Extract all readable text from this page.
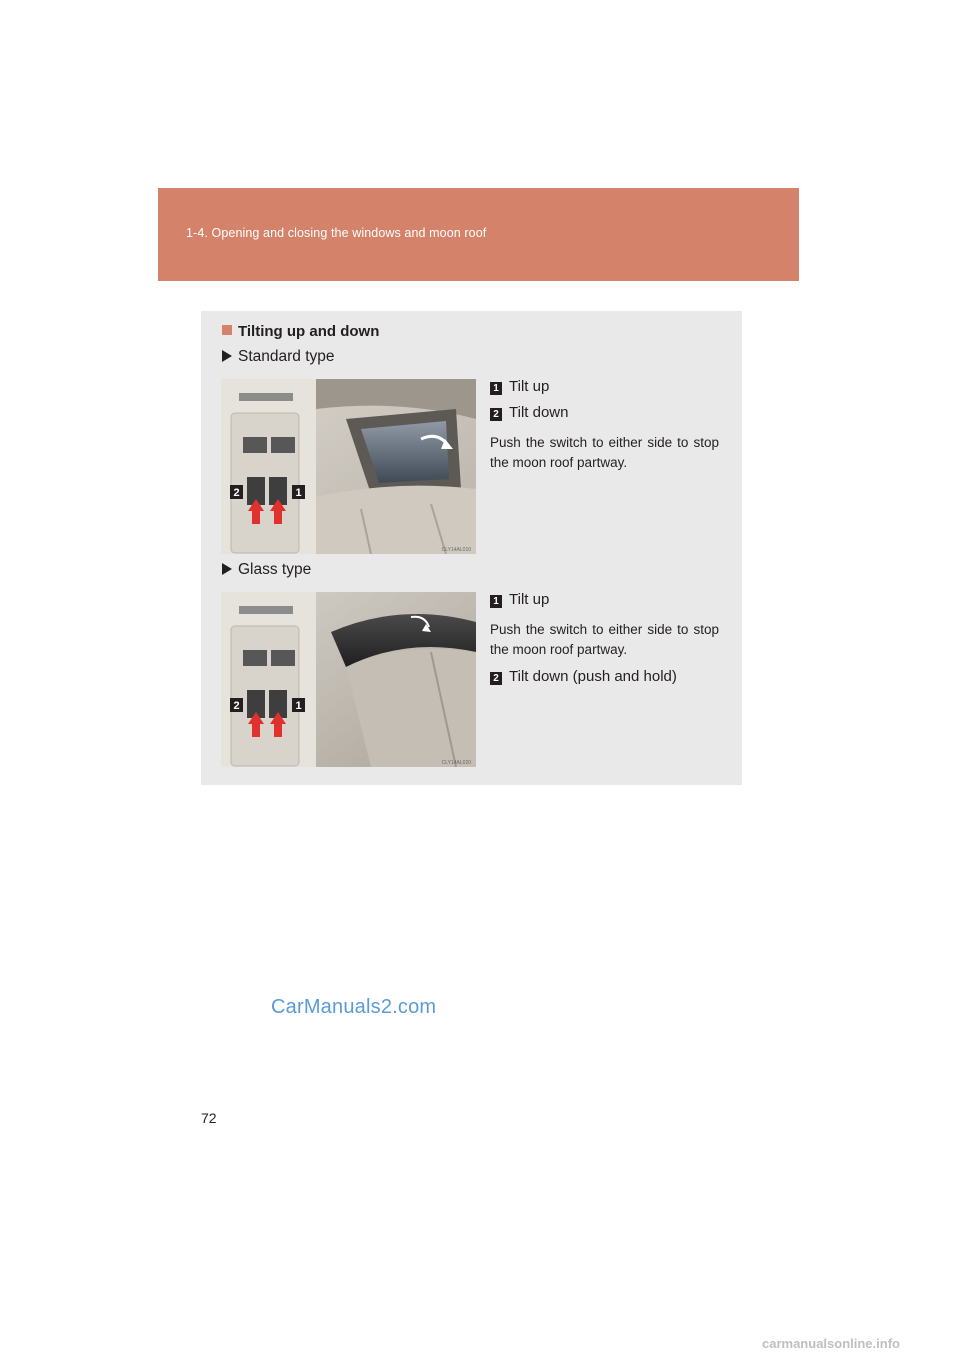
1-4. Opening and closing the windows and moon roof
Tilting up and down
Standard type
2	1
CLY14AL010
1 Tilt up
2 Tilt down
Push the switch to either side to stop the moon roof partway.
Glass type
2	1
CLY14AL020
1 Tilt up
Push the switch to either side to stop the moon roof partway.
2 Tilt down (push and hold)
CarManuals2.com
72
carmanualsonline.info
